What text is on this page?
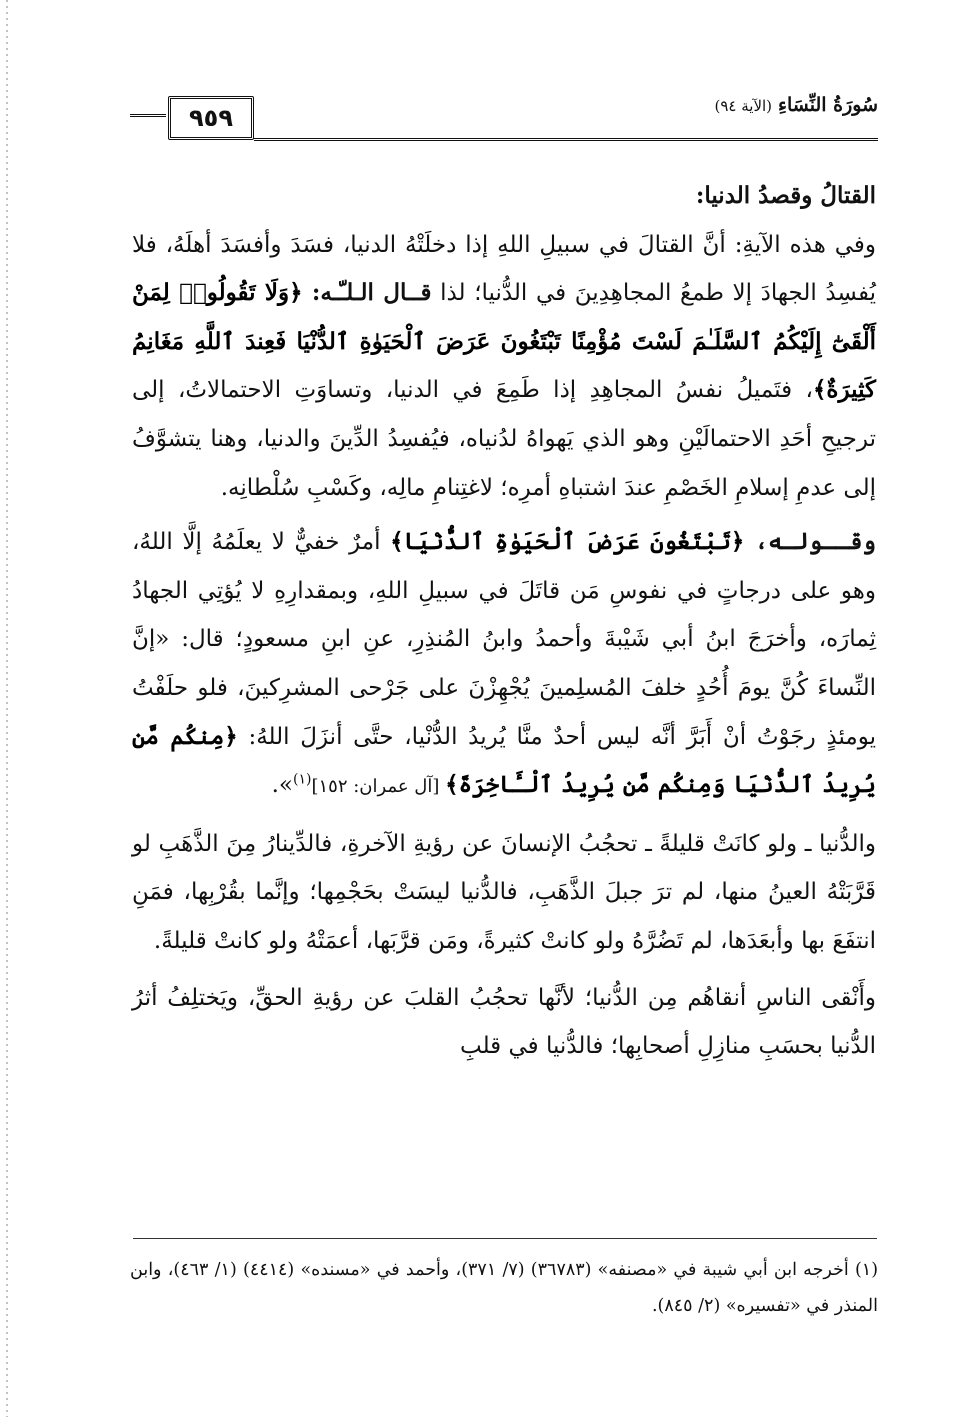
٩٥٩	سُورَةُ النِّسَاءِ(الآية ٩٤)

القتالُ وقصدُ الدنيا:

وفي هذه الآيةِ: أنَّ القتالَ في سبيلِ اللهِ إذا دخلَتْهُ الدنيا، فسَدَ وأفسَدَ أهلَهُ، فلا يُفسِدُ الجهادَ إلا طمعُ المجاهِدِينَ في الدُّنيا؛ لذا قــال الـلـّـه: ﴿وَلَا تَقُولُوا۟ لِمَنْ أَلْقَىٰٓ إِلَيْكُمُ ٱلسَّلَـٰمَ لَسْتَ مُؤْمِنًا تَبْتَغُونَ عَرَضَ ٱلْحَيَوٰةِ ٱلدُّنْيَا فَعِندَ ٱللَّهِ مَغَانِمُ كَثِيرَةٌ﴾، فتَميلُ نفسُ المجاهِدِ إذا طَمِعَ في الدنيا، وتساوَتِ الاحتمالاتُ، إلى ترجيحِ أحَدِ الاحتمالَيْنِ وهو الذي يَهواهُ لدُنياه، فيُفسِدُ الدِّينَ والدنيا، وهنا يتشوَّفُ إلى عدمِ إسلامِ الخَصْمِ عندَ اشتباهِ أمرِه؛ لاغتِنامِ مالِه، وكَسْبِ سُلْطانِه.

وقــولـه، ﴿تَبْتَغُونَ عَرَضَ ٱلْحَيَوٰةِ ٱلدُّنْيَا﴾ أمرٌ خفيٌّ لا يعلَمُهُ إلَّا اللهُ، وهو على درجاتٍ في نفوسِ مَن قاتَلَ في سبيلِ اللهِ، وبمقدارِهِ لا يُؤتِي الجهادُ ثِمارَه، وأخرَجَ ابنُ أبي شَيْبةَ وأحمدُ وابنُ المُنذِرِ، عنِ ابنِ مسعودٍ؛ قال: «إنَّ النِّساءَ كُنَّ يومَ أُحُدٍ خلفَ المُسلِمينَ يُجْهِزْنَ على جَرْحى المشرِكينَ، فلو حلَفْتُ يومئذٍ رجَوْتُ أنْ أَبَرَّ أنَّه ليس أحدٌ منَّا يُريدُ الدُّنْيا، حتَّى أنزَلَ اللهُ: ﴿مِنكُم مَّن يُرِيدُ ٱلدُّنْيَا وَمِنكُم مَّن يُرِيدُ ٱلْـَٔاخِرَةَ﴾ [آل عمران: ١٥٢]$^{(١)}$».

والدُّنيا ـ ولو كانَتْ قليلةً ـ تحجُبُ الإنسانَ عن رؤيةِ الآخرةِ، فالدِّينارُ مِنَ الذَّهَبِ لو قَرَّبَتْهُ العينُ منها، لم ترَ جبلَ الذَّهَبِ، فالدُّنيا ليسَتْ بحَجْمِها؛ وإنَّما بقُرْبِها، فمَنِ انتفَعَ بها وأبعَدَها، لم تَضُرَّهُ ولو كانتْ كثيرةً، ومَن قرَّبَها، أعمَتْهُ ولو كانتْ قليلةً.

وأَنْقى الناسِ أنقاهُم مِن الدُّنيا؛ لأنَّها تحجُبُ القلبَ عن رؤيةِ الحقِّ، ويَختلِفُ أثرُ الدُّنيا بحسَبِ منازِلِ أصحابِها؛ فالدُّنيا في قلبِ

(١) أخرجه ابن أبي شيبة في «مصنفه» (٣٦٧٨٣) (٧/ ٣٧١)، وأحمد في «مسنده» (٤٤١٤) (١/ ٤٦٣)، وابن المنذر في «تفسيره» (٢/ ٨٤٥).
